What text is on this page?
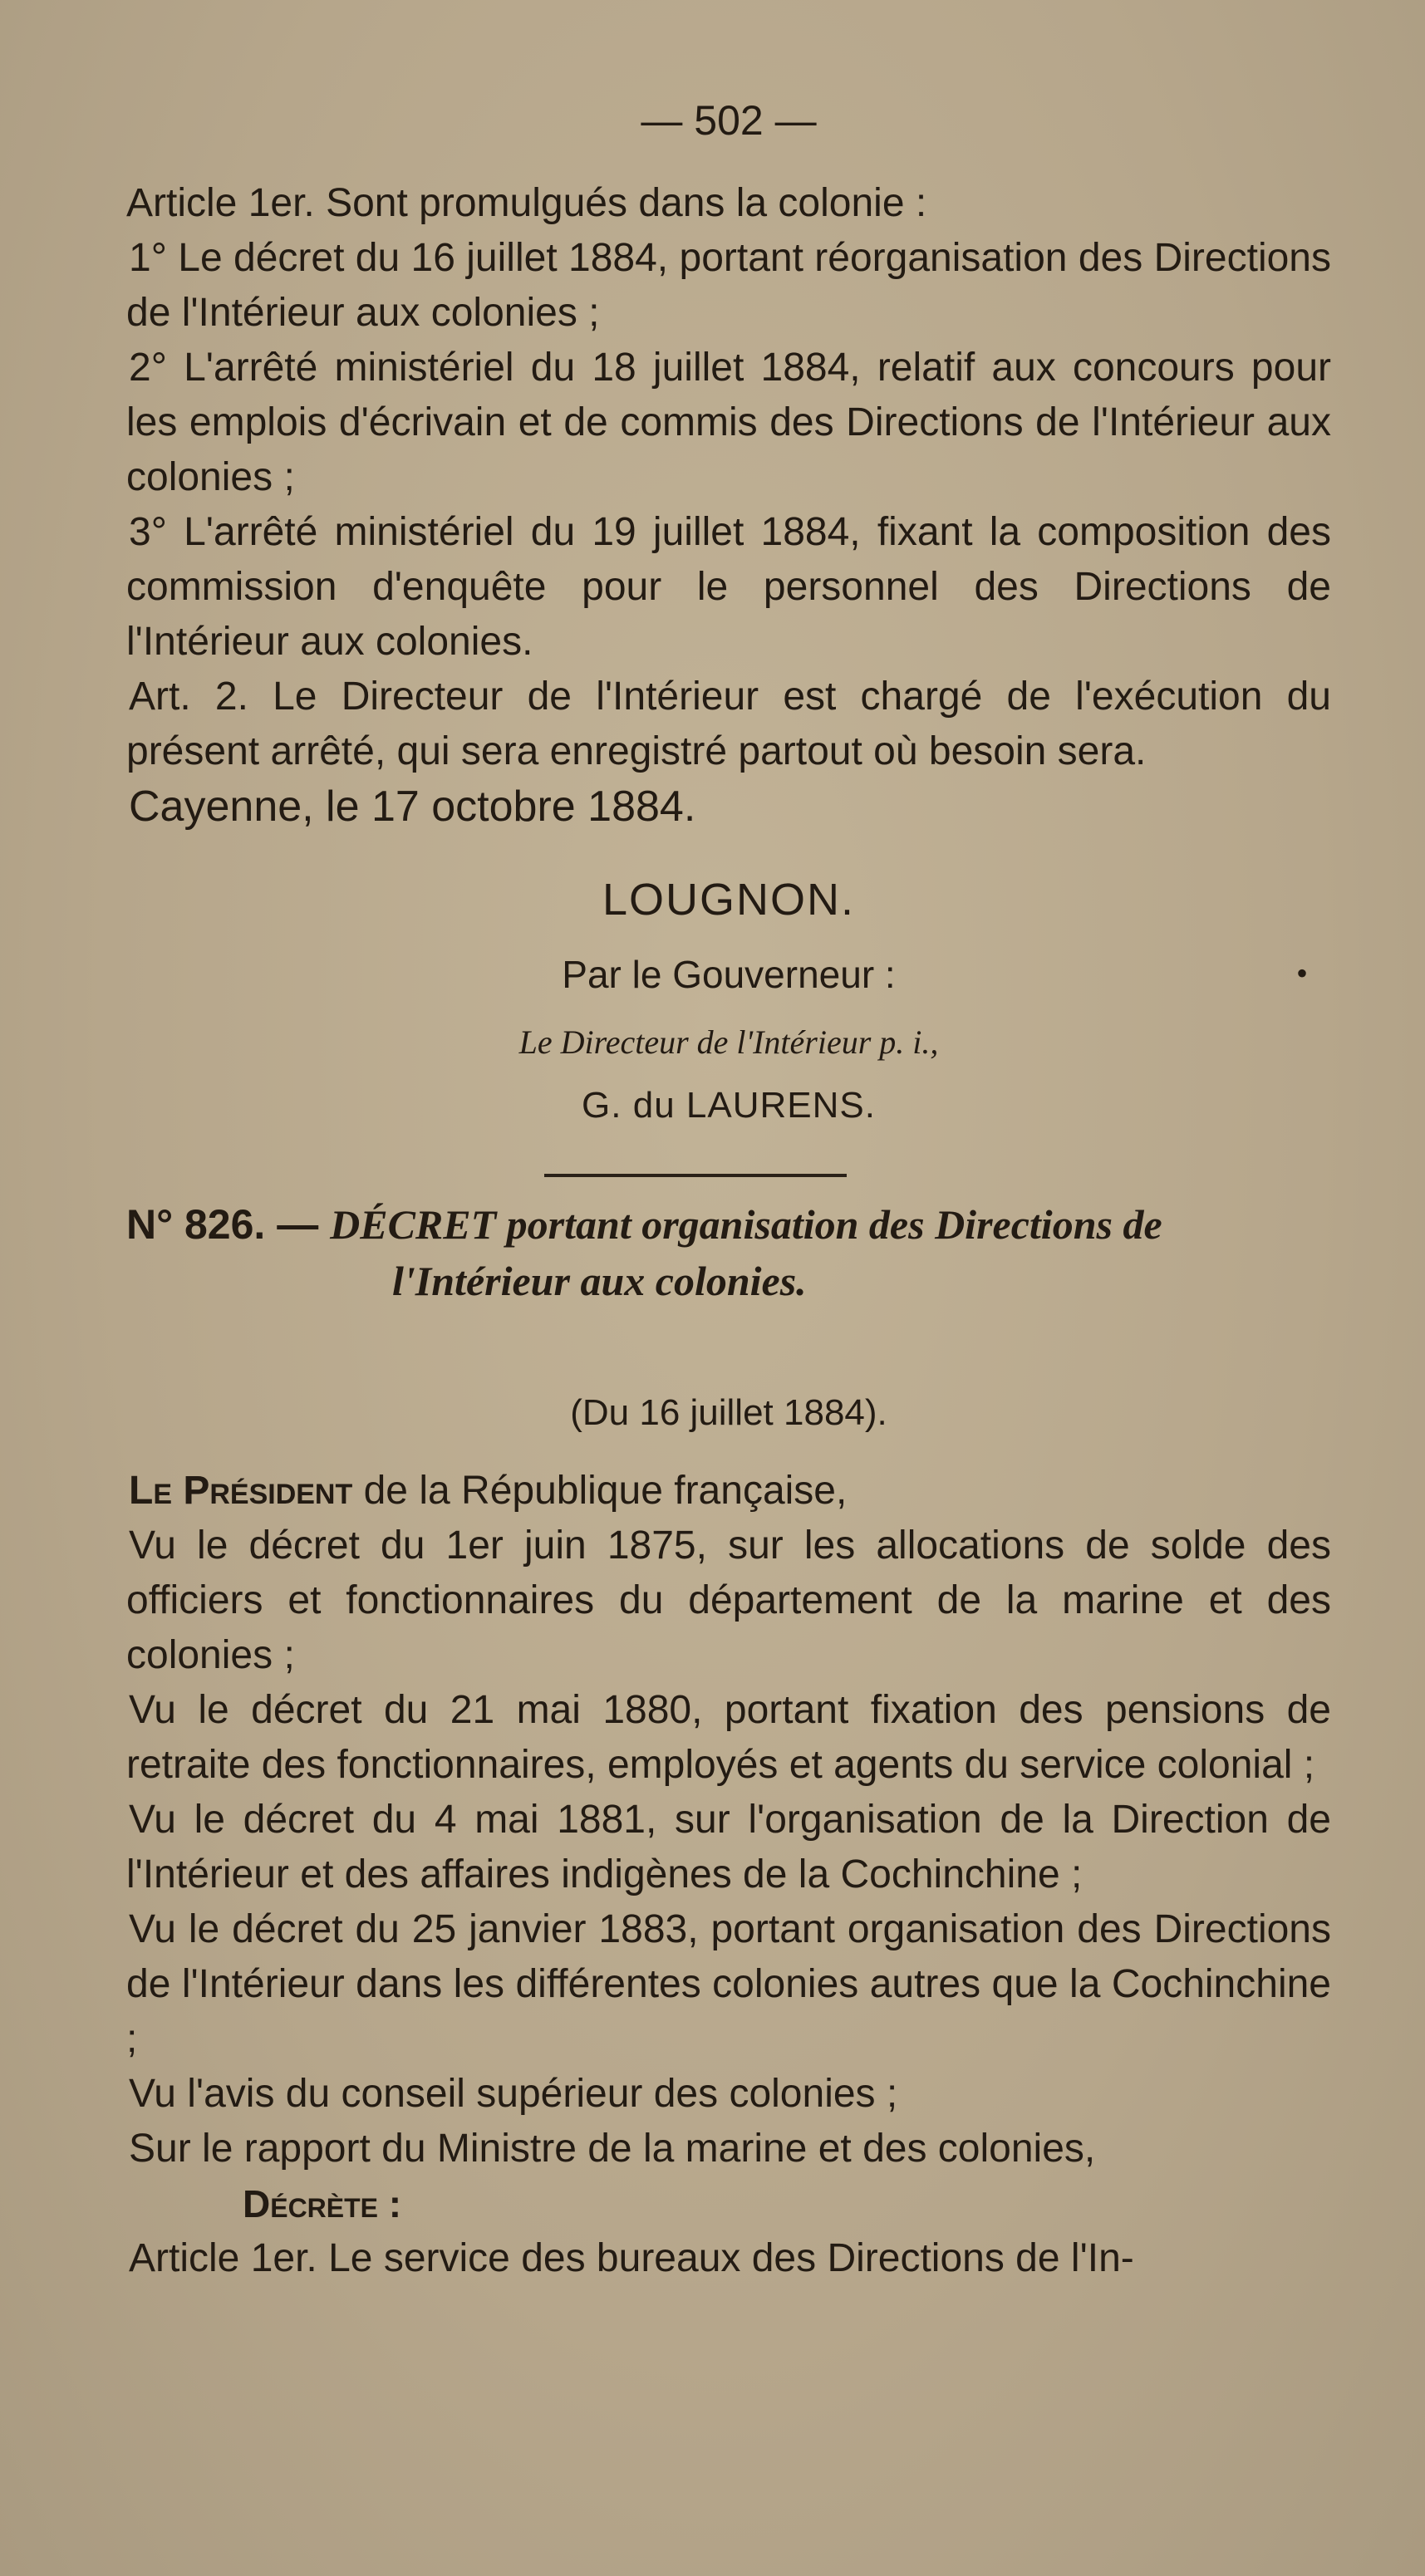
— 502 —

Article 1er. Sont promulgués dans la colonie :

1° Le décret du 16 juillet 1884, portant réorganisation des Directions de l'Intérieur aux colonies ;

2° L'arrêté ministériel du 18 juillet 1884, relatif aux concours pour les emplois d'écrivain et de commis des Directions de l'Intérieur aux colonies ;

3° L'arrêté ministériel du 19 juillet 1884, fixant la composition des commission d'enquête pour le personnel des Directions de l'Intérieur aux colonies.

Art. 2. Le Directeur de l'Intérieur est chargé de l'exécution du présent arrêté, qui sera enregistré partout où besoin sera.

Cayenne, le 17 octobre 1884.

LOUGNON.
Par le Gouverneur :	•
Le Directeur de l'Intérieur p. i.,
G. du LAURENS.

N° 826. — DÉCRET portant organisation des Directions de l'Intérieur aux colonies.

(Du 16 juillet 1884).

Le Président de la République française,

Vu le décret du 1er juin 1875, sur les allocations de solde des officiers et fonctionnaires du département de la marine et des colonies ;

Vu le décret du 21 mai 1880, portant fixation des pensions de retraite des fonctionnaires, employés et agents du service colonial ;

Vu le décret du 4 mai 1881, sur l'organisation de la Direction de l'Intérieur et des affaires indigènes de la Cochinchine ;

Vu le décret du 25 janvier 1883, portant organisation des Directions de l'Intérieur dans les différentes colonies autres que la Cochinchine ;

Vu l'avis du conseil supérieur des colonies ;

Sur le rapport du Ministre de la marine et des colonies,

Décrète :

Article 1er. Le service des bureaux des Directions de l'In-
